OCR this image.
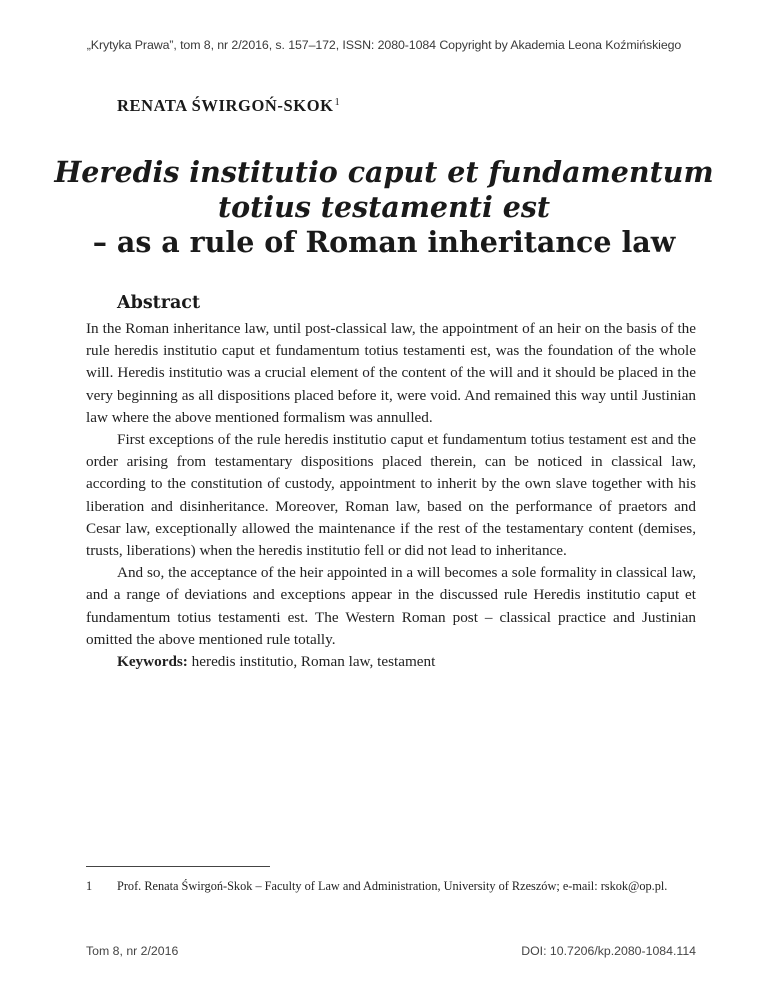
„Krytyka Prawa”, tom 8, nr 2/2016, s. 157–172, ISSN: 2080-1084 Copyright by Akademia Leona Koźmińskiego
RENATA ŚWIRGOŃ-SKOK$^1$
Heredis institutio caput et fundamentum
totius testamenti est
– as a rule of Roman inheritance law
Abstract

In the Roman inheritance law, until post-classical law, the appointment of an heir on the basis of the rule heredis institutio caput et fundamentum totius testamenti est, was the foundation of the whole will. Heredis institutio was a crucial element of the content of the will and it should be placed in the very beginning as all dispositions placed before it, were void. And remained this way until Justinian law where the above mentioned formalism was annulled.

First exceptions of the rule heredis institutio caput et fundamentum totius testament est and the order arising from testamentary dispositions placed therein, can be noticed in classical law, according to the constitution of custody, appointment to inherit by the own slave together with his liberation and disinheritance. Moreover, Roman law, based on the performance of praetors and Cesar law, exceptionally allowed the maintenance if the rest of the testamentary content (demises, trusts, liberations) when the heredis institutio fell or did not lead to inheritance.

And so, the acceptance of the heir appointed in a will becomes a sole formality in classical law, and a range of deviations and exceptions appear in the discussed rule Heredis institutio caput et fundamentum totius testamenti est. The Western Roman post – classical practice and Justinian omitted the above mentioned rule totally.

Keywords: heredis institutio, Roman law, testament

1	Prof. Renata Świrgoń-Skok – Faculty of Law and Administration, University of Rzeszów; e-mail: rskok@op.pl.
Tom 8, nr 2/2016	DOI: 10.7206/kp.2080-1084.114
